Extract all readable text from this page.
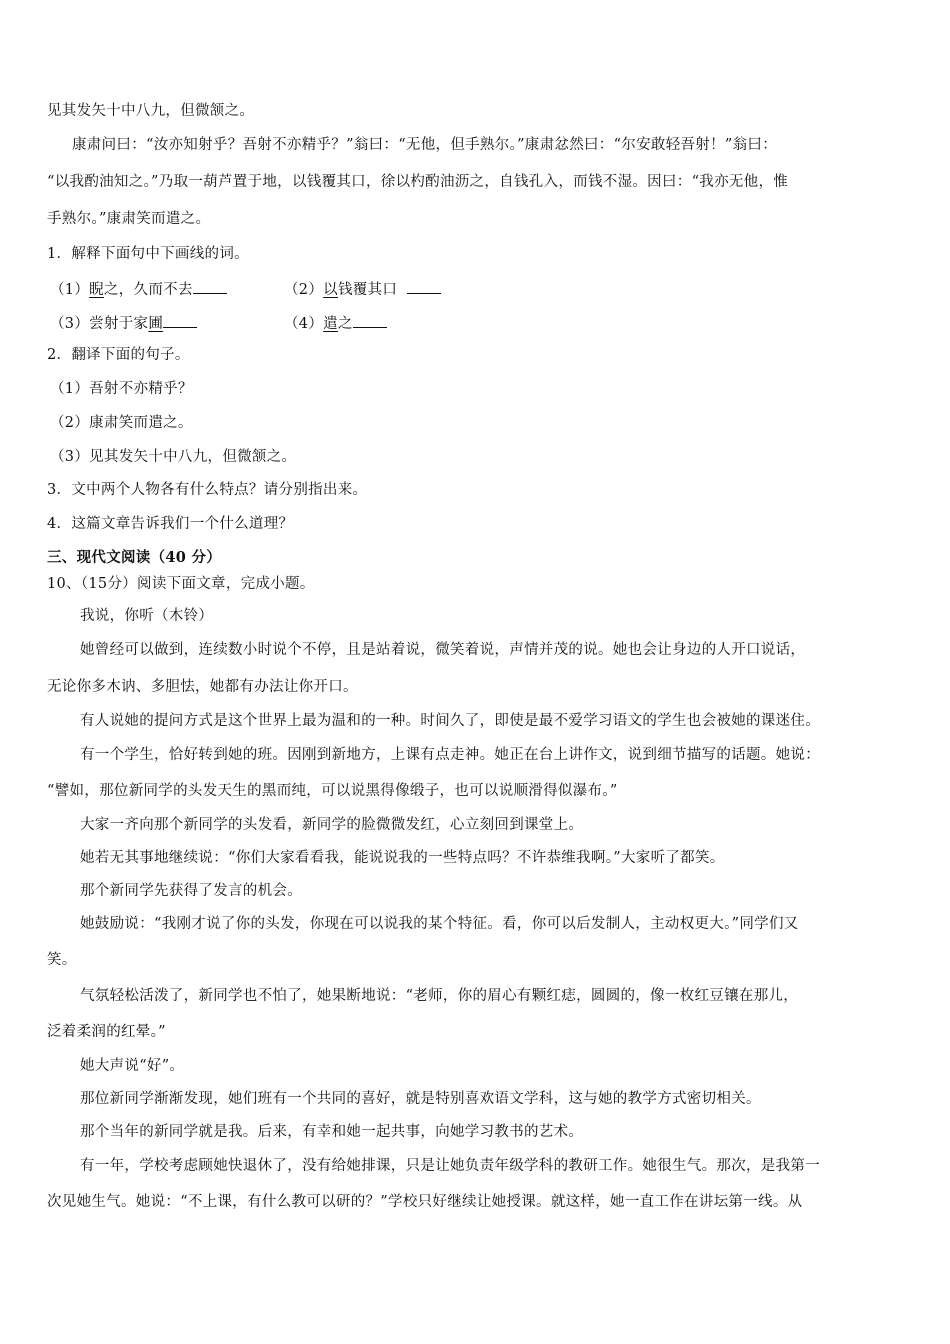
见其发矢十中八九，但微颔之。
康肃问曰：“汝亦知射乎？吾射不亦精乎？”翁曰：“无他，但手熟尔。”康肃忿然曰：“尔安敢轻吾射！”翁曰：
“以我酌油知之。”乃取一葫芦置于地，以钱覆其口，徐以杓酌油沥之，自钱孔入，而钱不湿。因曰：“我亦无他，惟
手熟尔。”康肃笑而遣之。
1．解释下面句中下画线的词。
（1）睨之，久而不去	（2）以钱覆其口
（3）尝射于家圃	（4）遣之
2．翻译下面的句子。
（1）吾射不亦精乎？
（2）康肃笑而遣之。
（3）见其发矢十中八九，但微颔之。
3．文中两个人物各有什么特点？请分别指出来。
4．这篇文章告诉我们一个什么道理？
三、现代文阅读（40 分）
10、（15分）阅读下面文章，完成小题。
我说，你听（木铃）
她曾经可以做到，连续数小时说个不停，且是站着说，微笑着说，声情并茂的说。她也会让身边的人开口说话，
无论你多木讷、多胆怯，她都有办法让你开口。
有人说她的提问方式是这个世界上最为温和的一种。时间久了，即使是最不爱学习语文的学生也会被她的课迷住。
有一个学生，恰好转到她的班。因刚到新地方，上课有点走神。她正在台上讲作文，说到细节描写的话题。她说：
“譬如，那位新同学的头发天生的黑而纯，可以说黑得像缎子，也可以说顺滑得似瀑布。”
大家一齐向那个新同学的头发看，新同学的脸微微发红，心立刻回到课堂上。
她若无其事地继续说：“你们大家看看我，能说说我的一些特点吗？不许恭维我啊。”大家听了都笑。
那个新同学先获得了发言的机会。
她鼓励说：“我刚才说了你的头发，你现在可以说我的某个特征。看，你可以后发制人，主动权更大。”同学们又
笑。
气氛轻松活泼了，新同学也不怕了，她果断地说：“老师，你的眉心有颗红痣，圆圆的，像一枚红豆镶在那儿，
泛着柔润的红晕。”
她大声说“好”。
那位新同学渐渐发现，她们班有一个共同的喜好，就是特别喜欢语文学科，这与她的教学方式密切相关。
那个当年的新同学就是我。后来，有幸和她一起共事，向她学习教书的艺术。
有一年，学校考虑顾她快退休了，没有给她排课，只是让她负责年级学科的教研工作。她很生气。那次，是我第一
次见她生气。她说：“不上课，有什么教可以研的？”学校只好继续让她授课。就这样，她一直工作在讲坛第一线。从
